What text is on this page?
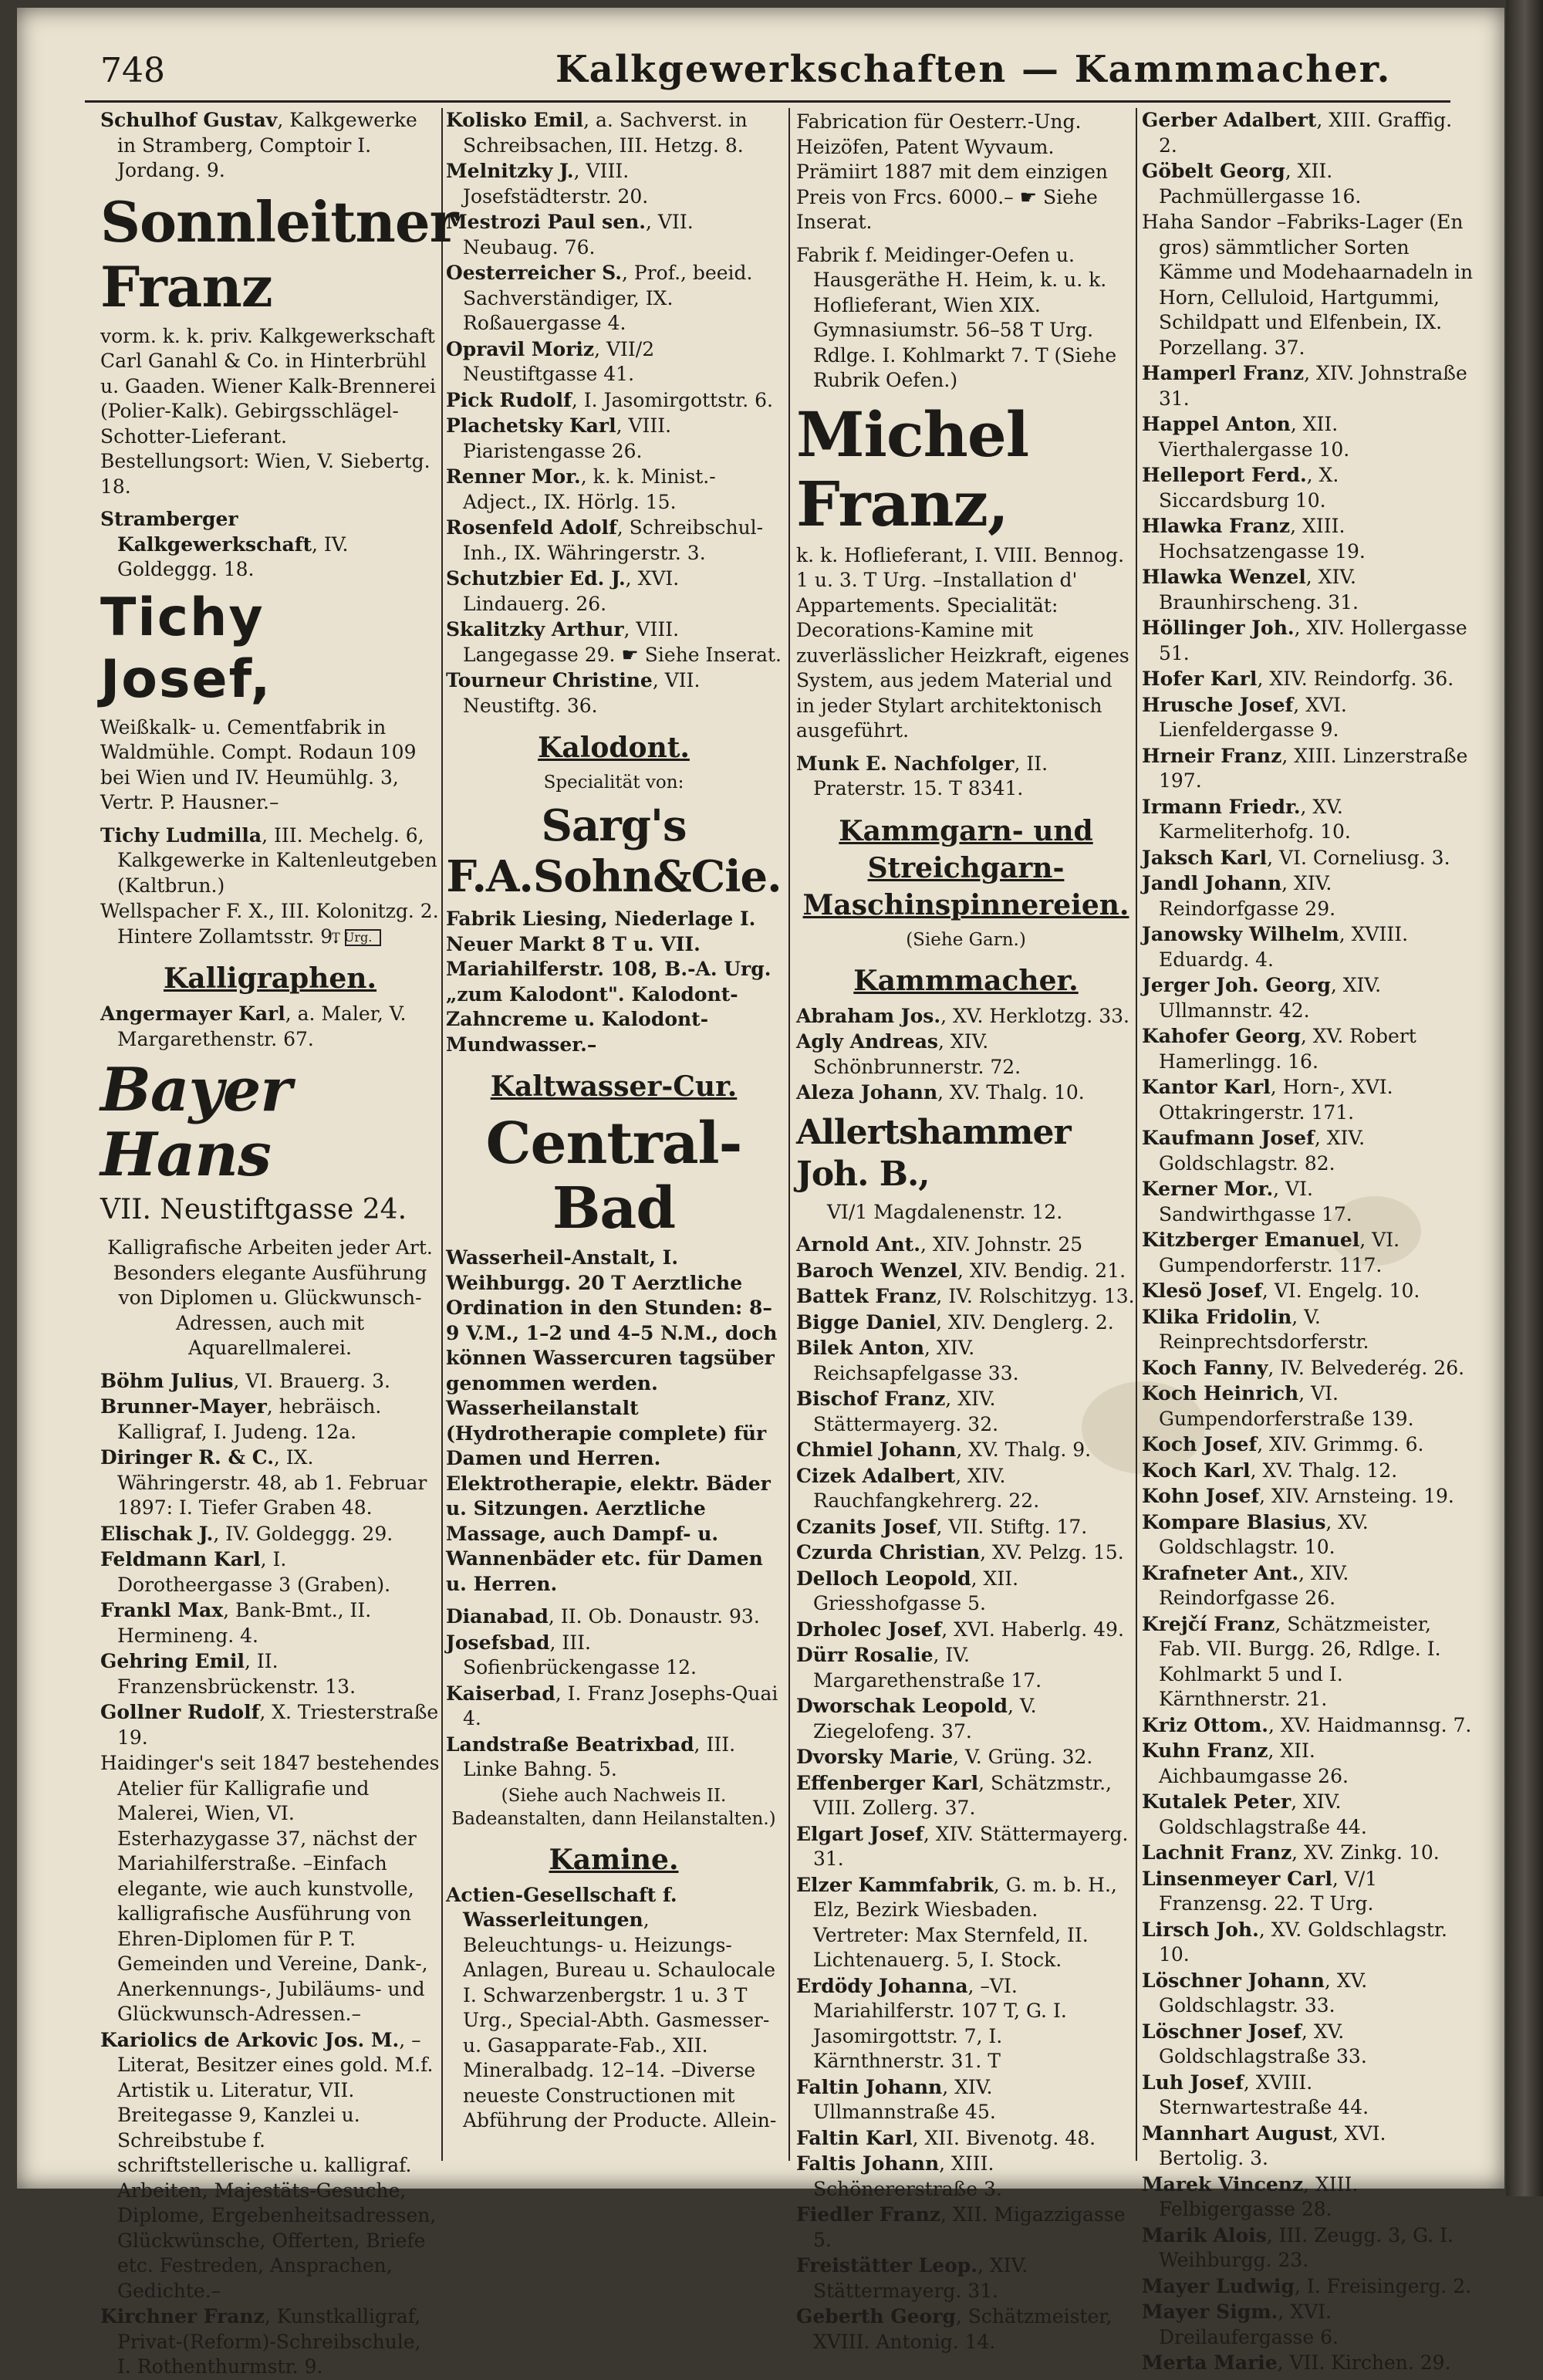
748	Kalkgewerkschaften — Kammmacher.
Schulhof Gustav, Kalkgewerke in Stramberg, Comptoir I. Jordang. 9.
Sonnleitner Franz
vorm. k. k. priv. Kalkgewerkschaft Carl Ganahl & Co. in Hinterbrühl u. Gaaden. Wiener Kalk-Brennerei (Polier-Kalk). Gebirgsschlägel-Schotter-Lieferant. Bestellungsort: Wien, V. Siebertg. 18.
Stramberger Kalkgewerkschaft, IV. Goldeggg. 18.
Tichy Josef,
Weißkalk- u. Cementfabrik in Waldmühle. Compt. Rodaun 109 bei Wien und IV. Heumühlg. 3, Vertr. P. Hausner.–
Tichy Ludmilla, III. Mechelg. 6, Kalkgewerke in Kaltenleutgeben (Kaltbrun.)
Wellspacher F. X., III. Kolonitzg. 2. Hintere Zollamtsstr. 9. T Urg.
Kalligraphen.
Angermayer Karl, a. Maler, V. Margarethenstr. 67.
Bayer Hans
VII. Neustiftgasse 24.
Kalligrafische Arbeiten jeder Art. Besonders elegante Ausführung von Diplomen u. Glückwunsch-Adressen, auch mit Aquarellmalerei.
Böhm Julius, VI. Brauerg. 3.
Brunner-Mayer, hebräisch. Kalligraf, I. Judeng. 12a.
Diringer R. & C., IX. Währingerstr. 48, ab 1. Februar 1897: I. Tiefer Graben 48.
Elischak J., IV. Goldeggg. 29.
Feldmann Karl, I. Dorotheergasse 3 (Graben).
Frankl Max, Bank-Bmt., II. Hermineng. 4.
Gehring Emil, II. Franzensbrückenstr. 13.
Gollner Rudolf, X. Triesterstraße 19.
Haidinger's seit 1847 bestehendes Atelier für Kalligrafie und Malerei, Wien, VI. Esterhazygasse 37, nächst der Mariahilferstraße. –Einfach elegante, wie auch kunstvolle, kalligrafische Ausführung von Ehren-Diplomen für P. T. Gemeinden und Vereine, Dank-, Anerkennungs-, Jubiläums- und Glückwunsch-Adressen.–
Kariolics de Arkovic Jos. M., –Literat, Besitzer eines gold. M.f. Artistik u. Literatur, VII. Breitegasse 9, Kanzlei u. Schreibstube f. schriftstellerische u. kalligraf. Arbeiten, Majestäts-Gesuche, Diplome, Ergebenheitsadressen, Glückwünsche, Offerten, Briefe etc. Festreden, Ansprachen, Gedichte.–
Kirchner Franz, Kunstkalligraf, Privat-(Reform)-Schreibschule, I. Rothenthurmstr. 9.
Kolisko Emil, a. Sachverst. in Schreibsachen, III. Hetzg. 8.
Melnitzky J., VIII. Josefstädterstr. 20.
Mestrozi Paul sen., VII. Neubaug. 76.
Oesterreicher S., Prof., beeid. Sachverständiger, IX. Roßauergasse 4.
Opravil Moriz, VII/2 Neustiftgasse 41.
Pick Rudolf, I. Jasomirgottstr. 6.
Plachetsky Karl, VIII. Piaristengasse 26.
Renner Mor., k. k. Minist.-Adject., IX. Hörlg. 15.
Rosenfeld Adolf, Schreibschul-Inh., IX. Währingerstr. 3.
Schutzbier Ed. J., XVI. Lindauerg. 26.
Skalitzky Arthur, VIII. Langegasse 29. ☛ Siehe Inserat.
Tourneur Christine, VII. Neustiftg. 36.
Kalodont.
Specialität von:
Sarg's F.A.Sohn&Cie.
Fabrik Liesing, Niederlage I. Neuer Markt 8 T u. VII. Mariahilferstr. 108, B.-A. Urg. „zum Kalodont". Kalodont-Zahncreme u. Kalodont-Mundwasser.–
Kaltwasser-Cur.
Central-Bad
Wasserheil-Anstalt, I. Weihburgg. 20 T Aerztliche Ordination in den Stunden: 8–9 V.M., 1–2 und 4–5 N.M., doch können Wassercuren tagsüber genommen werden. Wasserheilanstalt (Hydrotherapie complete) für Damen und Herren. Elektrotherapie, elektr. Bäder u. Sitzungen. Aerztliche Massage, auch Dampf- u. Wannenbäder etc. für Damen u. Herren.
Dianabad, II. Ob. Donaustr. 93.
Josefsbad, III. Sofienbrückengasse 12.
Kaiserbad, I. Franz Josephs-Quai 4.
Landstraße Beatrixbad, III. Linke Bahng. 5.
(Siehe auch Nachweis II. Badeanstalten, dann Heilanstalten.)
Kamine.
Actien-Gesellschaft f. Wasserleitungen, Beleuchtungs- u. Heizungs-Anlagen, Bureau u. Schaulocale I. Schwarzenbergstr. 1 u. 3 T Urg., Special-Abth. Gasmesser- u. Gasapparate-Fab., XII. Mineralbadg. 12–14. –Diverse neueste Constructionen mit Abführung der Producte. Allein-
Fabrication für Oesterr.-Ung. Heizöfen, Patent Wyvaum. Prämiirt 1887 mit dem einzigen Preis von Frcs. 6000.– ☛ Siehe Inserat.
Fabrik f. Meidinger-Oefen u. Hausgeräthe H. Heim, k. u. k. Hoflieferant, Wien XIX. Gymnasiumstr. 56–58 T Urg. Rdlge. I. Kohlmarkt 7. T (Siehe Rubrik Oefen.)
Michel Franz,
k. k. Hoflieferant, I. VIII. Bennog. 1 u. 3. T Urg. –Installation d' Appartements. Specialität: Decorations-Kamine mit zuverlässlicher Heizkraft, eigenes System, aus jedem Material und in jeder Stylart architektonisch ausgeführt.
Munk E. Nachfolger, II. Praterstr. 15. T 8341.
Kammgarn- und Streichgarn-Maschinspinnereien.
(Siehe Garn.)
Kammmacher.
Abraham Jos., XV. Herklotzg. 33.
Agly Andreas, XIV. Schönbrunnerstr. 72.
Aleza Johann, XV. Thalg. 10.
Allertshammer Joh. B.,
VI/1 Magdalenenstr. 12.
Arnold Ant., XIV. Johnstr. 25
Baroch Wenzel, XIV. Bendig. 21.
Battek Franz, IV. Rolschitzyg. 13.
Bigge Daniel, XIV. Denglerg. 2.
Bilek Anton, XIV. Reichsapfelgasse 33.
Bischof Franz, XIV. Stättermayerg. 32.
Chmiel Johann, XV. Thalg. 9.
Cizek Adalbert, XIV. Rauchfangkehrerg. 22.
Czanits Josef, VII. Stiftg. 17.
Czurda Christian, XV. Pelzg. 15.
Delloch Leopold, XII. Griesshofgasse 5.
Drholec Josef, XVI. Haberlg. 49.
Dürr Rosalie, IV. Margarethenstraße 17.
Dworschak Leopold, V. Ziegelofeng. 37.
Dvorsky Marie, V. Grüng. 32.
Effenberger Karl, Schätzmstr., VIII. Zollerg. 37.
Elgart Josef, XIV. Stättermayerg. 31.
Elzer Kammfabrik, G. m. b. H., Elz, Bezirk Wiesbaden. Vertreter: Max Sternfeld, II. Lichtenauerg. 5, I. Stock.
Erdödy Johanna, –VI. Mariahilferstr. 107 T, G. I. Jasomirgottstr. 7, I. Kärnthnerstr. 31. T
Faltin Johann, XIV. Ullmannstraße 45.
Faltin Karl, XII. Bivenotg. 48.
Faltis Johann, XIII. Schönererstraße 3.
Fiedler Franz, XII. Migazzigasse 5.
Freistätter Leop., XIV. Stättermayerg. 31.
Geberth Georg, Schätzmeister, XVIII. Antonig. 14.
Gerber Adalbert, XIII. Graffig. 2.
Göbelt Georg, XII. Pachmüllergasse 16.
Haha Sandor –Fabriks-Lager (En gros) sämmtlicher Sorten Kämme und Modehaarnadeln in Horn, Celluloid, Hartgummi, Schildpatt und Elfenbein, IX. Porzellang. 37.
Hamperl Franz, XIV. Johnstraße 31.
Happel Anton, XII. Vierthalergasse 10.
Helleport Ferd., X. Siccardsburg 10.
Hlawka Franz, XIII. Hochsatzengasse 19.
Hlawka Wenzel, XIV. Braunhirscheng. 31.
Höllinger Joh., XIV. Hollergasse 51.
Hofer Karl, XIV. Reindorfg. 36.
Hrusche Josef, XVI. Lienfeldergasse 9.
Hrneir Franz, XIII. Linzerstraße 197.
Irmann Friedr., XV. Karmeliterhofg. 10.
Jaksch Karl, VI. Corneliusg. 3.
Jandl Johann, XIV. Reindorfgasse 29.
Janowsky Wilhelm, XVIII. Eduardg. 4.
Jerger Joh. Georg, XIV. Ullmannstr. 42.
Kahofer Georg, XV. Robert Hamerlingg. 16.
Kantor Karl, Horn-, XVI. Ottakringerstr. 171.
Kaufmann Josef, XIV. Goldschlagstr. 82.
Kerner Mor., VI. Sandwirthgasse 17.
Kitzberger Emanuel, VI. Gumpendorferstr. 117.
Klesö Josef, VI. Engelg. 10.
Klika Fridolin, V. Reinprechtsdorferstr.
Koch Fanny, IV. Belvederég. 26.
Koch Heinrich, VI. Gumpendorferstraße 139.
Koch Josef, XIV. Grimmg. 6.
Koch Karl, XV. Thalg. 12.
Kohn Josef, XIV. Arnsteing. 19.
Kompare Blasius, XV. Goldschlagstr. 10.
Krafneter Ant., XIV. Reindorfgasse 26.
Krejčí Franz, Schätzmeister, Fab. VII. Burgg. 26, Rdlge. I. Kohlmarkt 5 und I. Kärnthnerstr. 21.
Kriz Ottom., XV. Haidmannsg. 7.
Kuhn Franz, XII. Aichbaumgasse 26.
Kutalek Peter, XIV. Goldschlagstraße 44.
Lachnit Franz, XV. Zinkg. 10.
Linsenmeyer Carl, V/1 Franzensg. 22. T Urg.
Lirsch Joh., XV. Goldschlagstr. 10.
Löschner Johann, XV. Goldschlagstr. 33.
Löschner Josef, XV. Goldschlagstraße 33.
Luh Josef, XVIII. Sternwartestraße 44.
Mannhart August, XVI. Bertolig. 3.
Marek Vincenz, XIII. Felbigergasse 28.
Marik Alois, III. Zeugg. 3, G. I. Weihburgg. 23.
Mayer Ludwig, I. Freisingerg. 2.
Mayer Sigm., XVI. Dreilaufergasse 6.
Merta Marie, VII. Kirchen. 29.
